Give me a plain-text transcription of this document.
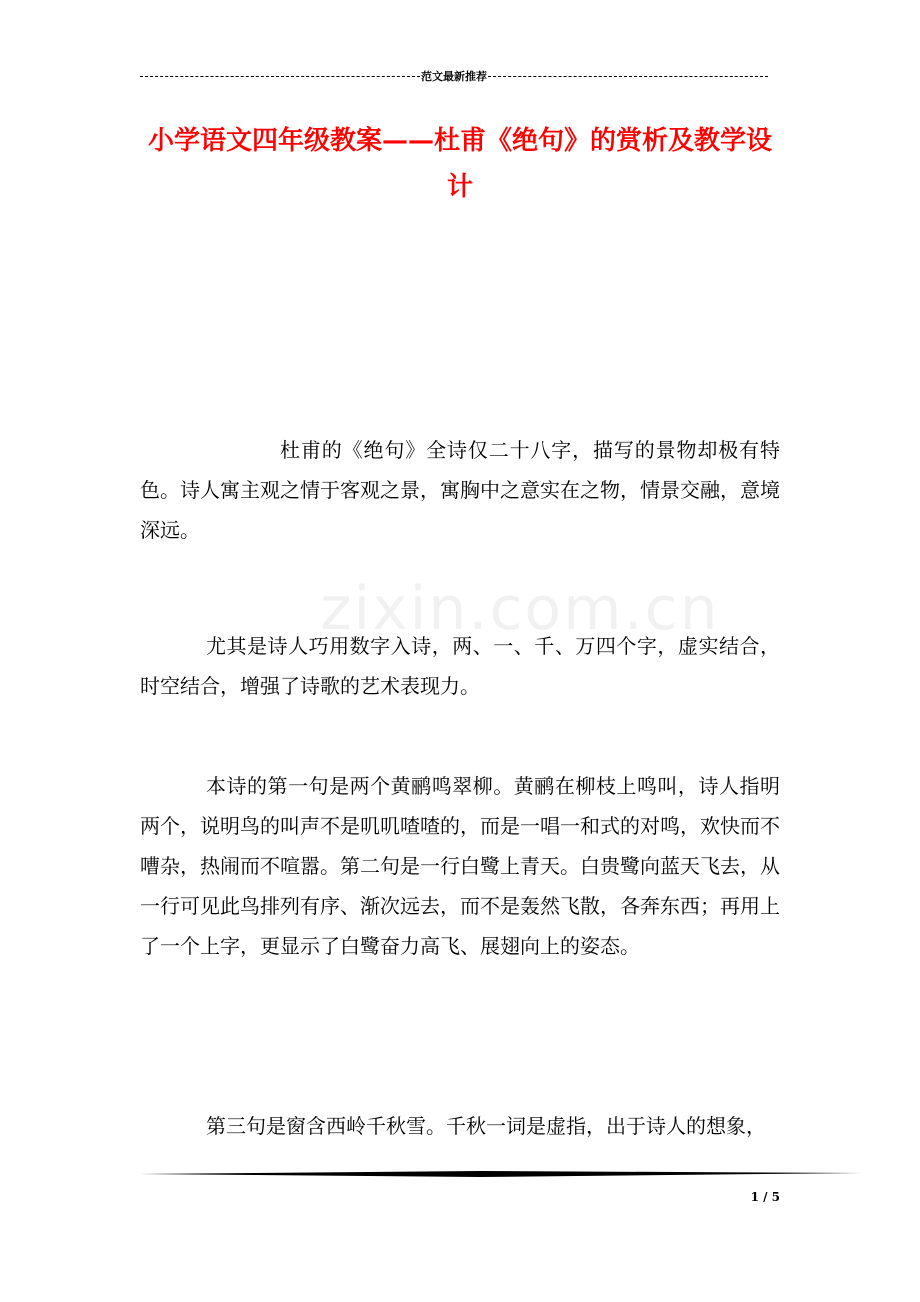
范文最新推荐
小学语文四年级教案——杜甫《绝句》的赏析及教学设计
zixin.com.cn

杜甫的《绝句》全诗仅二十八字，描写的景物却极有特色。诗人寓主观之情于客观之景，寓胸中之意实在之物，情景交融，意境深远。

尤其是诗人巧用数字入诗，两、一、千、万四个字，虚实结合，时空结合，增强了诗歌的艺术表现力。

本诗的第一句是两个黄鹂鸣翠柳。黄鹂在柳枝上鸣叫，诗人指明两个，说明鸟的叫声不是叽叽喳喳的，而是一唱一和式的对鸣，欢快而不嘈杂，热闹而不喧嚣。第二句是一行白鹭上青天。白贵鹭向蓝天飞去，从一行可见此鸟排列有序、渐次远去，而不是轰然飞散，各奔东西；再用上了一个上字，更显示了白鹭奋力高飞、展翅向上的姿态。

第三句是窗含西岭千秋雪。千秋一词是虚指，出于诗人的想象，

1 / 5
